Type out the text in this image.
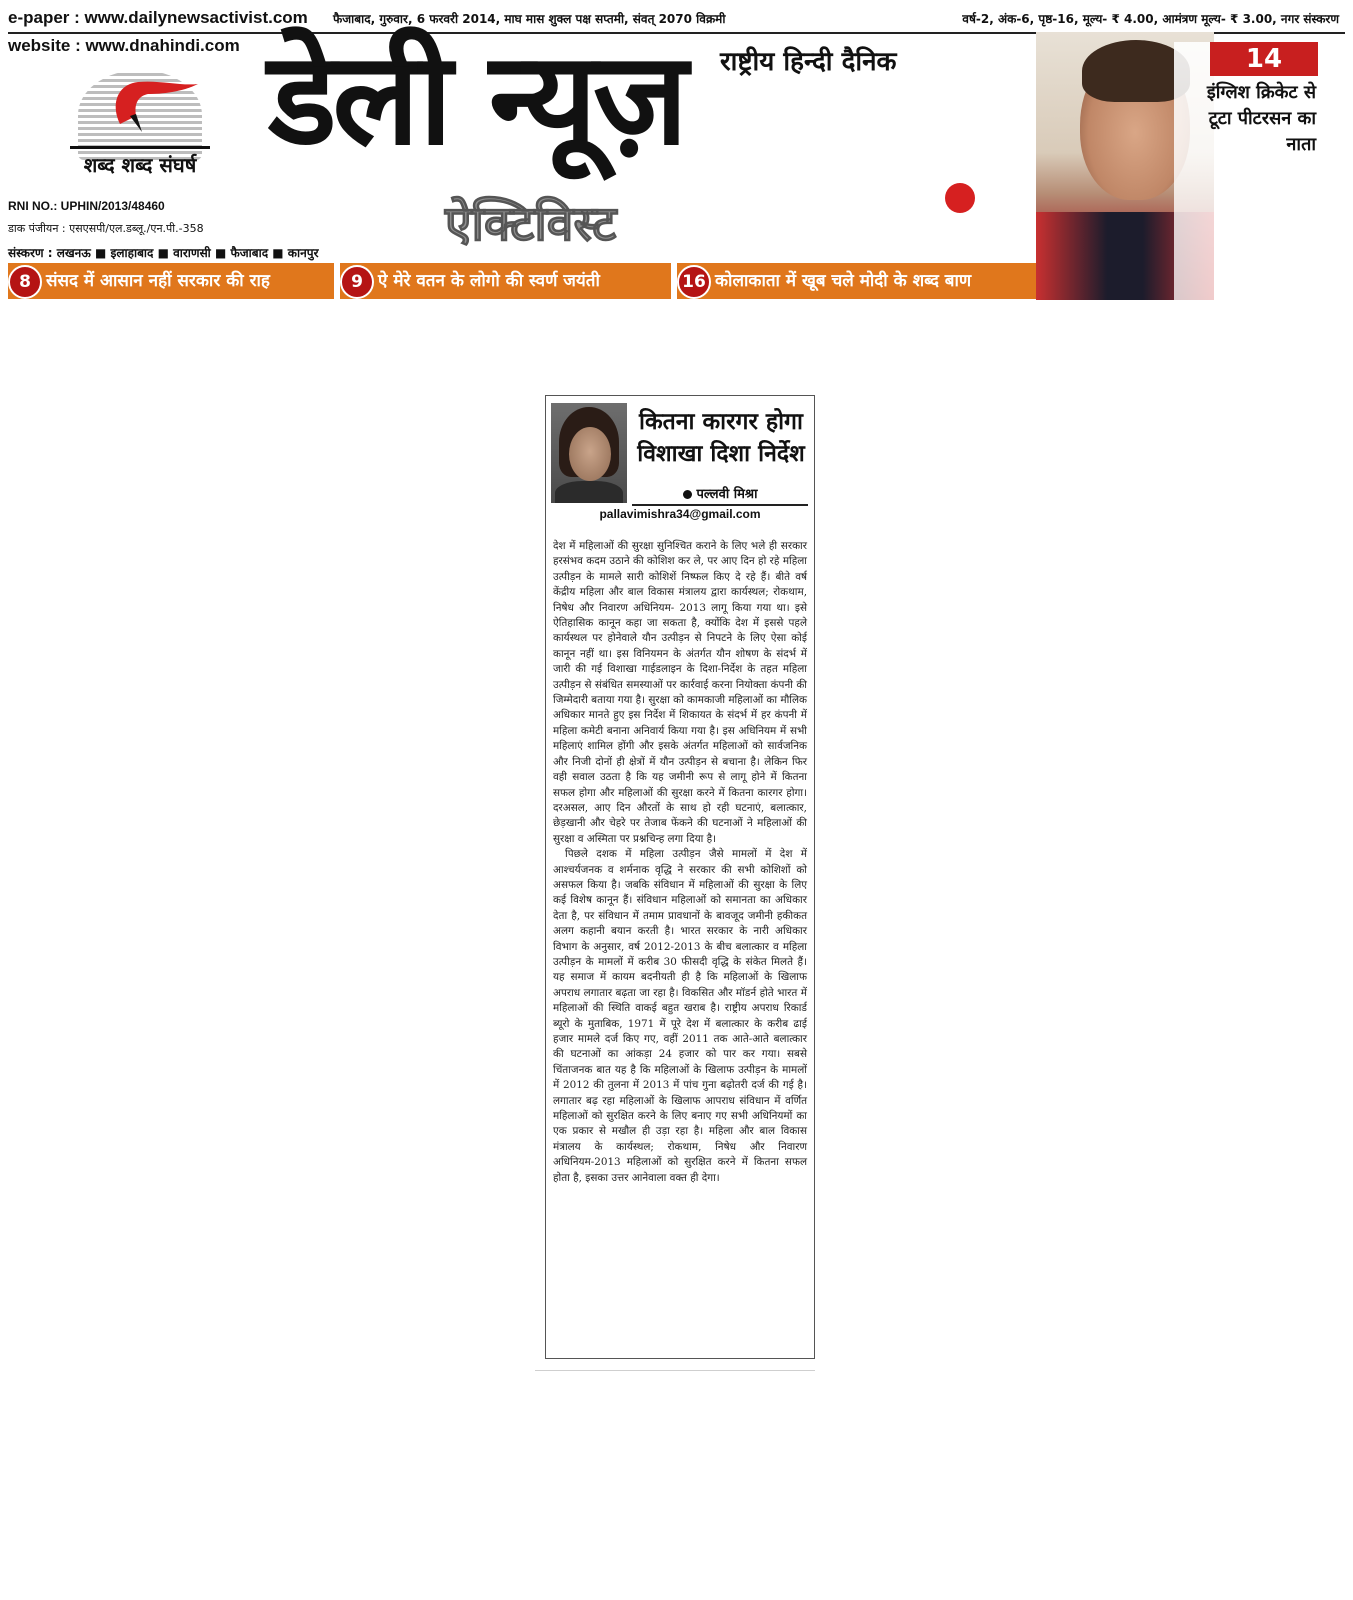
e-paper : www.dailynewsactivist.com फैजाबाद, गुरुवार, 6 फरवरी 2014, माघ मास शुक्ल पक्ष सप्तमी, संवत् 2070 विक्रमी	वर्ष-2, अंक-6, पृष्ठ-16, मूल्य- ₹ 4.00, आमंत्रण मूल्य- ₹ 3.00, नगर संस्करण
website : www.dnahindi.com
शब्द शब्द संघर्ष
RNI NO.: UPHIN/2013/48460
डाक पंजीयन : एसएसपी/एल.डब्लू./एन.पी.-358
संस्करण : लखनऊ ■ इलाहाबाद ■ वाराणसी ■ फैजाबाद ■ कानपुर
राष्ट्रीय हिन्दी दैनिक
डेली न्यूज़
ऐक्टिविस्ट
14
इंग्लिश क्रिकेट से टूटा पीटरसन का नाता
8 संसद में आसान नहीं सरकार की राह	9 ऐ मेरे वतन के लोगो की स्वर्ण जयंती	16 कोलाकाता में खूब चले मोदी के शब्द बाण
कितना कारगर होगा विशाखा दिशा निर्देश
पल्लवी मिश्रा
pallavimishra34@gmail.com

देश में महिलाओं की सुरक्षा सुनिश्चित कराने के लिए भले ही सरकार हरसंभव कदम उठाने की कोशिश कर ले, पर आए दिन हो रहे महिला उत्पीड़न के मामले सारी कोशिशें निष्फल किए दे रहे हैं। बीते वर्ष केंद्रीय महिला और बाल विकास मंत्रालय द्वारा कार्यस्थल; रोकथाम, निषेध और निवारण अधिनियम- 2013 लागू किया गया था। इसे ऐतिहासिक कानून कहा जा सकता है, क्योंकि देश में इससे पहले कार्यस्थल पर होनेवाले यौन उत्पीड़न से निपटने के लिए ऐसा कोई कानून नहीं था। इस विनियमन के अंतर्गत यौन शोषण के संदर्भ में जारी की गई विशाखा गाईडलाइन के दिशा-निर्देश के तहत महिला उत्पीड़न से संबंधित समस्याओं पर कार्रवाई करना नियोक्ता कंपनी की जिम्मेदारी बताया गया है। सुरक्षा को कामकाजी महिलाओं का मौलिक अधिकार मानते हुए इस निर्देश में शिकायत के संदर्भ में हर कंपनी में महिला कमेटी बनाना अनिवार्य किया गया है। इस अधिनियम में सभी महिलाएं शामिल होंगी और इसके अंतर्गत महिलाओं को सार्वजनिक और निजी दोनों ही क्षेत्रों में यौन उत्पीड़न से बचाना है। लेकिन फिर वही सवाल उठता है कि यह जमीनी रूप से लागू होने में कितना सफल होगा और महिलाओं की सुरक्षा करने में कितना कारगर होगा। दरअसल, आए दिन औरतों के साथ हो रही घटनाएं, बलात्कार, छेड़खानी और चेहरे पर तेजाब फेंकने की घटनाओं ने महिलाओं की सुरक्षा व अस्मिता पर प्रश्नचिन्ह लगा दिया है।

पिछले दशक में महिला उत्पीड़न जैसे मामलों में देश में आश्चर्यजनक व शर्मनाक वृद्धि ने सरकार की सभी कोशिशों को असफल किया है। जबकि संविधान में महिलाओं की सुरक्षा के लिए कई विशेष कानून हैं। संविधान महिलाओं को समानता का अधिकार देता है, पर संविधान में तमाम प्रावधानों के बावजूद जमीनी हकीकत अलग कहानी बयान करती है। भारत सरकार के नारी अधिकार विभाग के अनुसार, वर्ष 2012-2013 के बीच बलात्कार व महिला उत्पीड़न के मामलों में करीब 30 फीसदी वृद्धि के संकेत मिलते हैं। यह समाज में कायम बदनीयती ही है कि महिलाओं के खिलाफ अपराध लगातार बढ़ता जा रहा है। विकसित और मॉडर्न होते भारत में महिलाओं की स्थिति वाकई बहुत खराब है। राष्ट्रीय अपराध रिकार्ड ब्यूरो के मुताबिक, 1971 में पूरे देश में बलात्कार के करीब ढाई हजार मामले दर्ज किए गए, वहीं 2011 तक आते-आते बलात्कार की घटनाओं का आंकड़ा 24 हजार को पार कर गया। सबसे चिंताजनक बात यह है कि महिलाओं के खिलाफ उत्पीड़न के मामलों में 2012 की तुलना में 2013 में पांच गुना बढ़ोतरी दर्ज की गई है। लगातार बढ़ रहा महिलाओं के खिलाफ आपराध संविधान में वर्णित महिलाओं को सुरक्षित करने के लिए बनाए गए सभी अधिनियमों का एक प्रकार से मखौल ही उड़ा रहा है। महिला और बाल विकास मंत्रालय के कार्यस्थल; रोकथाम, निषेध और निवारण अधिनियम-2013 महिलाओं को सुरक्षित करने में कितना सफल होता है, इसका उत्तर आनेवाला वक्त ही देगा।
